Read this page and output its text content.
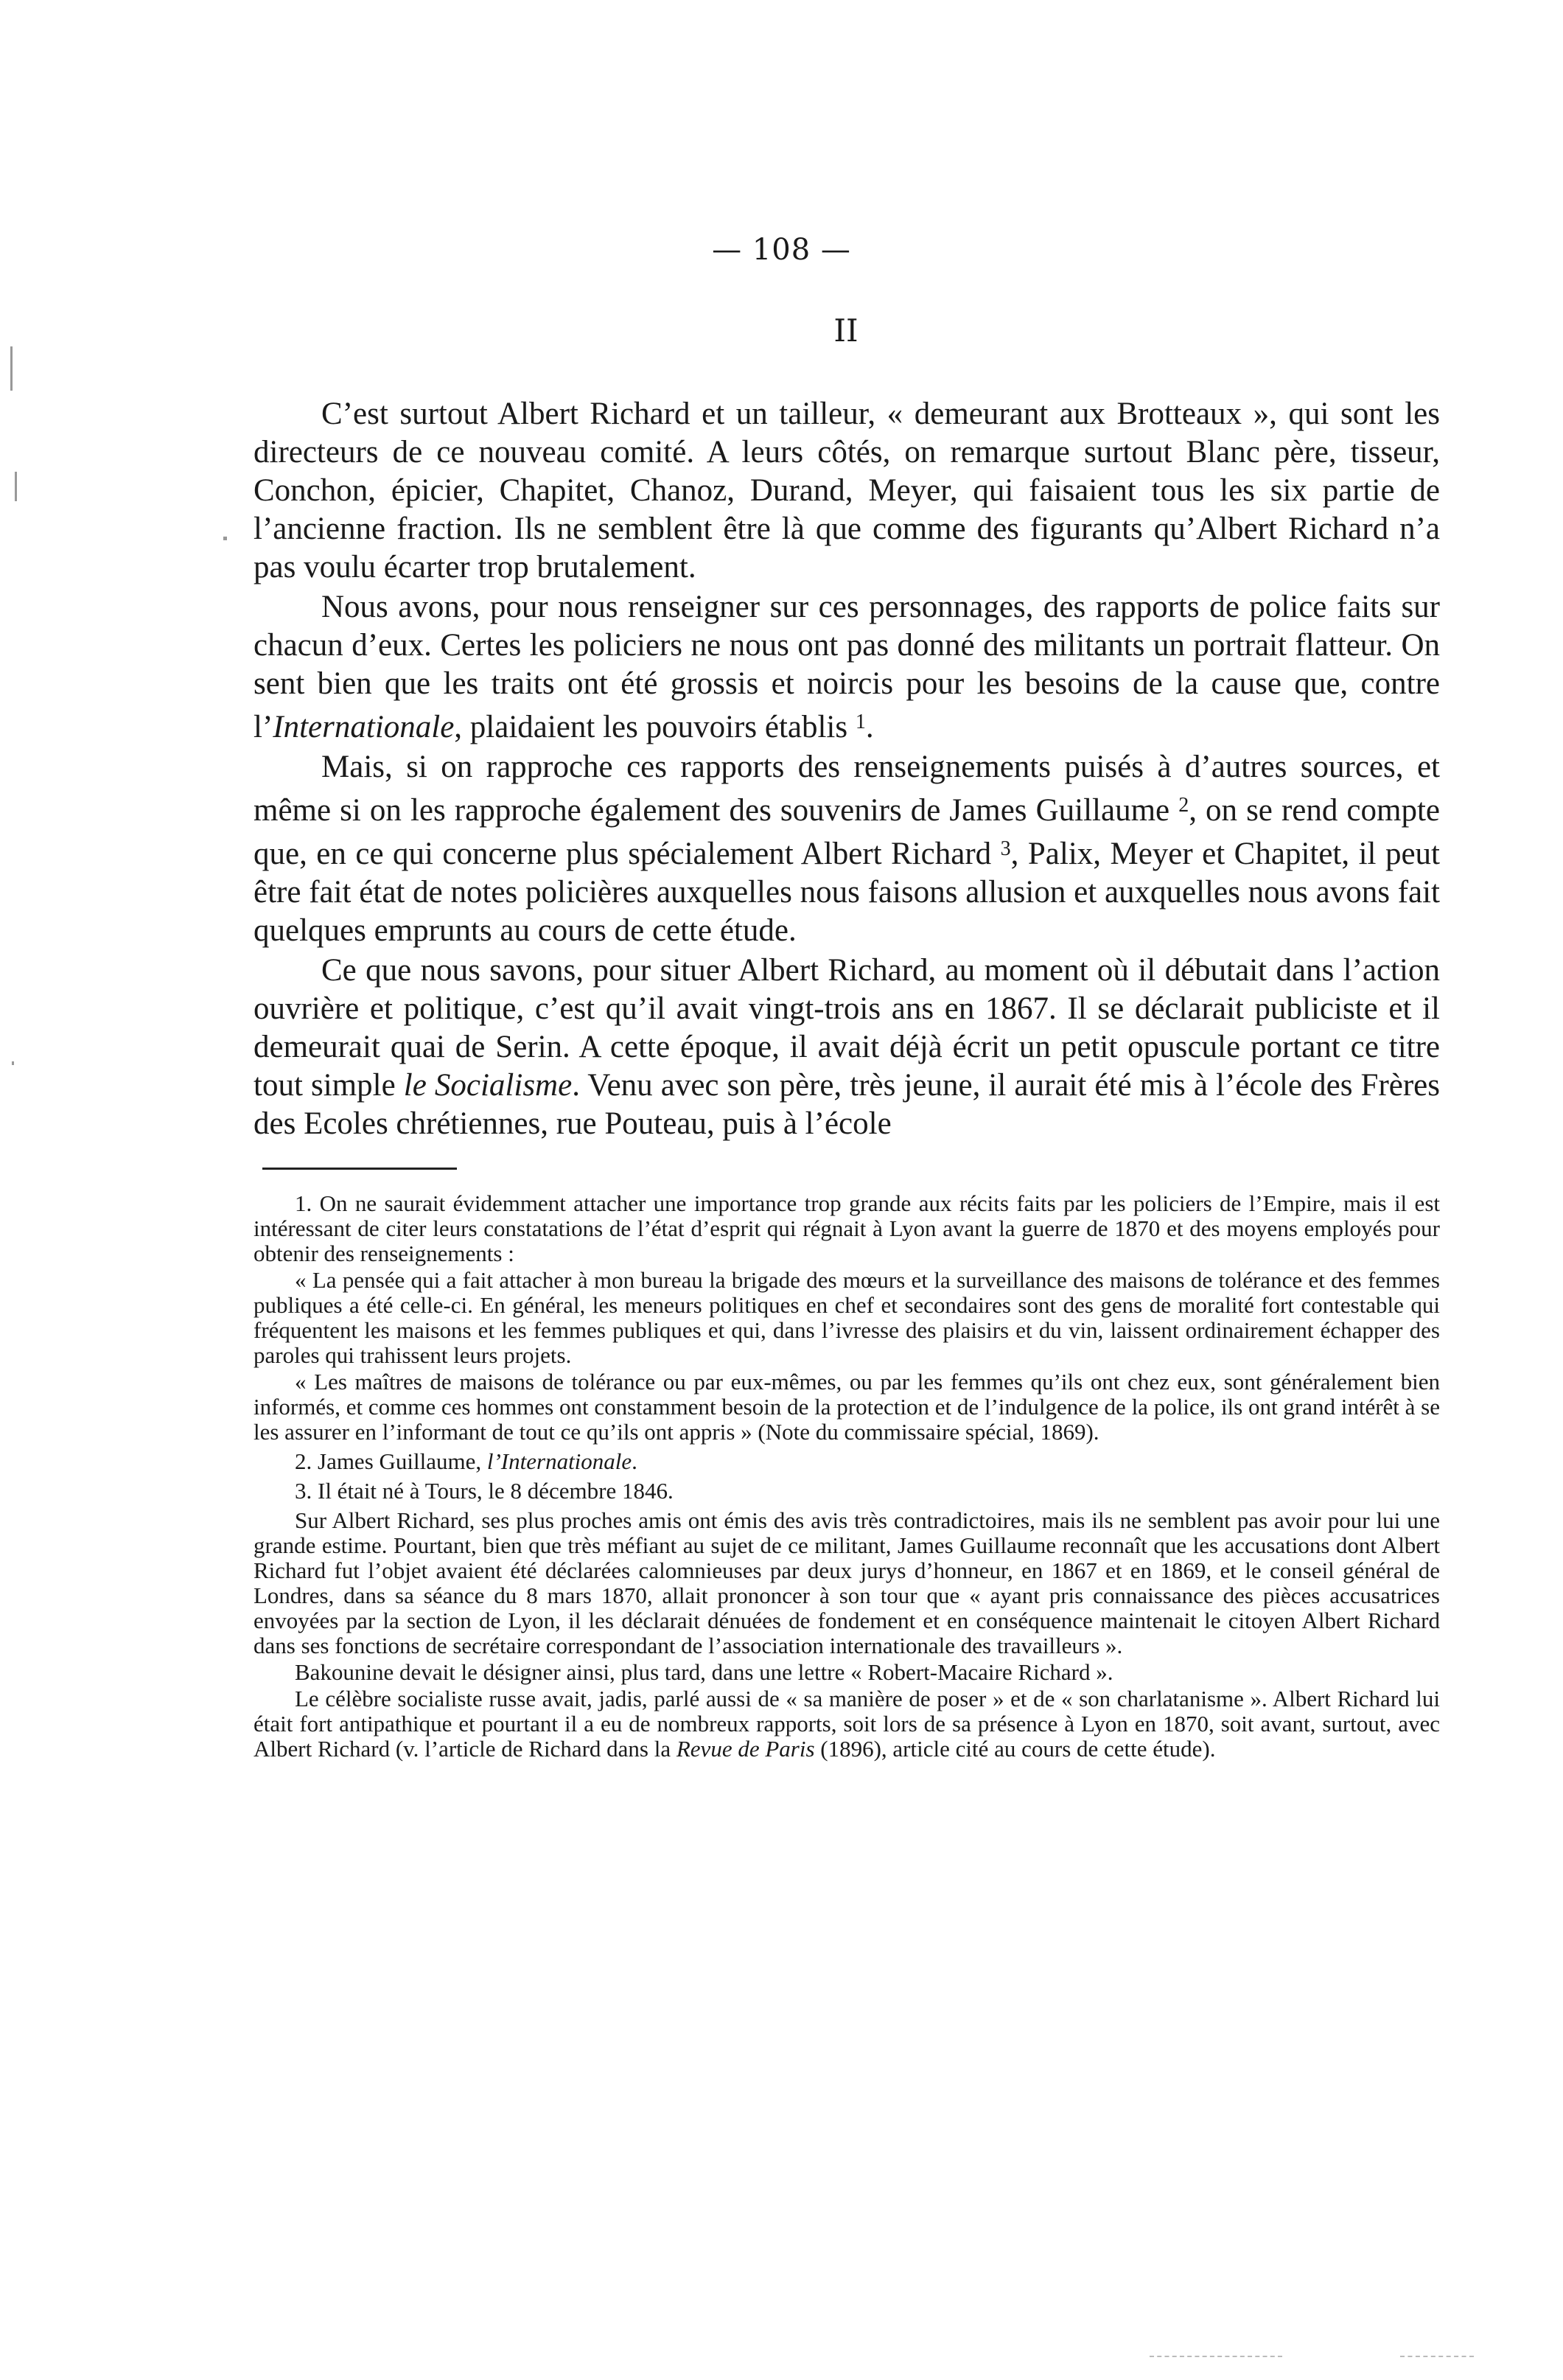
— 108 —
II

C’est surtout Albert Richard et un tailleur, « demeurant aux Brotteaux », qui sont les directeurs de ce nouveau comité. A leurs côtés, on remarque surtout Blanc père, tisseur, Conchon, épicier, Chapitet, Chanoz, Durand, Meyer, qui faisaient tous les six partie de l’ancienne fraction. Ils ne semblent être là que comme des figurants qu’Albert Richard n’a pas voulu écarter trop brutalement.

Nous avons, pour nous renseigner sur ces personnages, des rapports de police faits sur chacun d’eux. Certes les policiers ne nous ont pas donné des militants un portrait flatteur. On sent bien que les traits ont été grossis et noircis pour les besoins de la cause que, contre l’Internationale, plaidaient les pouvoirs établis $^1$.

Mais, si on rapproche ces rapports des renseignements puisés à d’autres sources, et même si on les rapproche également des souvenirs de James Guillaume $^2$, on se rend compte que, en ce qui concerne plus spécialement Albert Richard $^3$, Palix, Meyer et Chapitet, il peut être fait état de notes policières auxquelles nous faisons allusion et auxquelles nous avons fait quelques emprunts au cours de cette étude.

Ce que nous savons, pour situer Albert Richard, au moment où il débutait dans l’action ouvrière et politique, c’est qu’il avait vingt-trois ans en 1867. Il se déclarait publiciste et il demeurait quai de Serin. A cette époque, il avait déjà écrit un petit opuscule portant ce titre tout simple le Socialisme. Venu avec son père, très jeune, il aurait été mis à l’école des Frères des Ecoles chrétiennes, rue Pouteau, puis à l’école

1. On ne saurait évidemment attacher une importance trop grande aux récits faits par les policiers de l’Empire, mais il est intéressant de citer leurs constatations de l’état d’esprit qui régnait à Lyon avant la guerre de 1870 et des moyens employés pour obtenir des renseignements :

« La pensée qui a fait attacher à mon bureau la brigade des mœurs et la surveillance des maisons de tolérance et des femmes publiques a été celle-ci. En général, les meneurs politiques en chef et secondaires sont des gens de moralité fort contestable qui fréquentent les maisons et les femmes publiques et qui, dans l’ivresse des plaisirs et du vin, laissent ordinairement échapper des paroles qui trahissent leurs projets.

« Les maîtres de maisons de tolérance ou par eux-mêmes, ou par les femmes qu’ils ont chez eux, sont généralement bien informés, et comme ces hommes ont constamment besoin de la protection et de l’indulgence de la police, ils ont grand intérêt à se les assurer en l’informant de tout ce qu’ils ont appris » (Note du commissaire spécial, 1869).

2. James Guillaume, l’Internationale.

3. Il était né à Tours, le 8 décembre 1846.

Sur Albert Richard, ses plus proches amis ont émis des avis très contradictoires, mais ils ne semblent pas avoir pour lui une grande estime. Pourtant, bien que très méfiant au sujet de ce militant, James Guillaume reconnaît que les accusations dont Albert Richard fut l’objet avaient été déclarées calomnieuses par deux jurys d’honneur, en 1867 et en 1869, et le conseil général de Londres, dans sa séance du 8 mars 1870, allait prononcer à son tour que « ayant pris connaissance des pièces accusatrices envoyées par la section de Lyon, il les déclarait dénuées de fondement et en conséquence maintenait le citoyen Albert Richard dans ses fonctions de secrétaire correspondant de l’association internationale des travailleurs ».

Bakounine devait le désigner ainsi, plus tard, dans une lettre « Robert-Macaire Richard ».

Le célèbre socialiste russe avait, jadis, parlé aussi de « sa manière de poser » et de « son charlatanisme ». Albert Richard lui était fort antipathique et pourtant il a eu de nombreux rapports, soit lors de sa présence à Lyon en 1870, soit avant, surtout, avec Albert Richard (v. l’article de Richard dans la Revue de Paris (1896), article cité au cours de cette étude).
